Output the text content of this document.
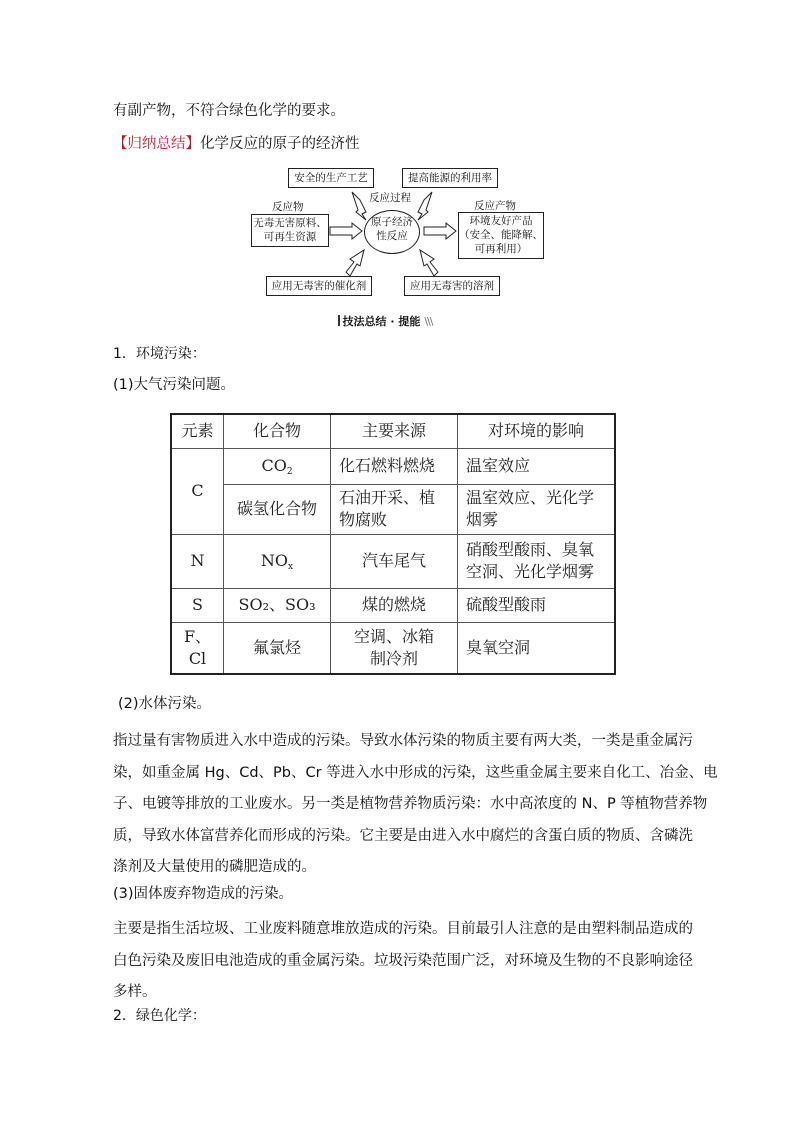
有副产物，不符合绿色化学的要求。
【归纳总结】化学反应的原子的经济性
安全的生产工艺	提高能源的利用率
反应过程
反应物
无毒无害原料、
可再生资源
原子经济
性反应
反应产物
环境友好产品
（安全、能降解、
可再利用）
应用无毒害的催化剂	应用无毒害的溶剂
技法总结 · 提能 \\\
1．环境污染：
(1)大气污染问题。
元素	化合物	主要来源	对环境的影响
C	$CO_2$	化石燃料燃烧	温室效应
	碳氢化合物	石油开采、植物腐败	温室效应、光化学烟雾
N	$NO_x$	汽车尾气	硝酸型酸雨、臭氧空洞、光化学烟雾
S	SO₂、SO₃	煤的燃烧	硫酸型酸雨
F、Cl	氟氯烃	空调、冰箱制冷剂	臭氧空洞
(2)水体污染。
指过量有害物质进入水中造成的污染。导致水体污染的物质主要有两大类，一类是重金属污
染，如重金属 Hg、Cd、Pb、Cr 等进入水中形成的污染，这些重金属主要来自化工、冶金、电
子、电镀等排放的工业废水。另一类是植物营养物质污染：水中高浓度的 N、P 等植物营养物
质，导致水体富营养化而形成的污染。它主要是由进入水中腐烂的含蛋白质的物质、含磷洗
涤剂及大量使用的磷肥造成的。
(3)固体废弃物造成的污染。
主要是指生活垃圾、工业废料随意堆放造成的污染。目前最引人注意的是由塑料制品造成的
白色污染及废旧电池造成的重金属污染。垃圾污染范围广泛，对环境及生物的不良影响途径
多样。
2．绿色化学：
